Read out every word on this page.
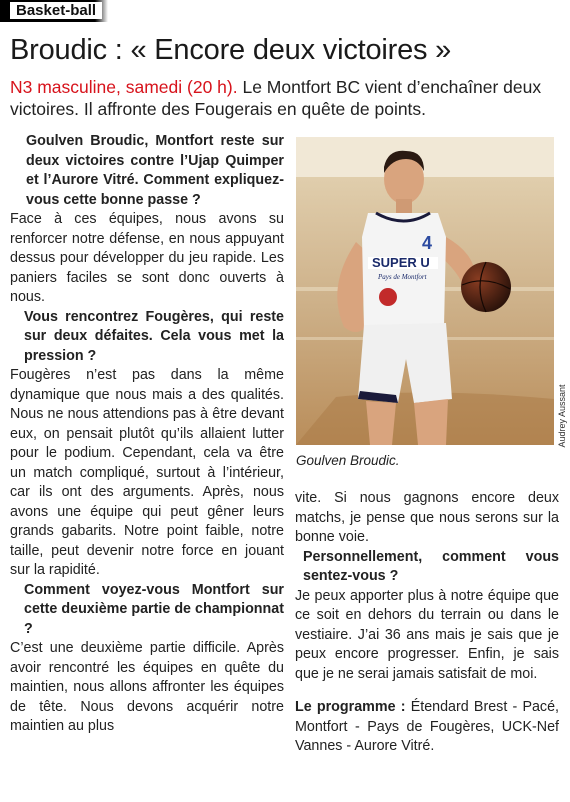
Basket-ball
Broudic : « Encore deux victoires »
N3 masculine, samedi (20 h). Le Montfort BC vient d’enchaîner deux victoires. Il affronte des Fougerais en quête de points.

Goulven Broudic, Montfort reste sur deux victoires contre l’Ujap Quimper et l’Aurore Vitré. Comment expliquez-vous cette bonne passe ?

Face à ces équipes, nous avons su renforcer notre défense, en nous appuyant dessus pour développer du jeu rapide. Les paniers faciles se sont donc ouverts à nous.

Vous rencontrez Fougères, qui reste sur deux défaites. Cela vous met la pression ?

Fougères n’est pas dans la même dynamique que nous mais a des qualités. Nous ne nous attendions pas à être devant eux, on pensait plutôt qu’ils allaient lutter pour le podium. Cependant, cela va être un match compliqué, surtout à l’intérieur, car ils ont des arguments. Après, nous avons une équipe qui peut gêner leurs grands gabarits. Notre point faible, notre taille, peut devenir notre force en jouant sur la rapidité.

Comment voyez-vous Montfort sur cette deuxième partie de championnat ?

C’est une deuxième partie difficile. Après avoir rencontré les équipes en quête du maintien, nous allons affronter les équipes de tête. Nous devons acquérir notre maintien au plus

SUPER U
Pays de Montfort
4
Audrey Aussant
Goulven Broudic.

vite. Si nous gagnons encore deux matchs, je pense que nous serons sur la bonne voie.

Personnellement, comment vous sentez-vous ?

Je peux apporter plus à notre équipe que ce soit en dehors du terrain ou dans le vestiaire. J’ai 36 ans mais je sais que je peux encore progresser. Enfin, je sais que je ne serai jamais satisfait de moi.

Le programme : Étendard Brest - Pacé, Montfort - Pays de Fougères, UCK-Nef Vannes - Aurore Vitré.
